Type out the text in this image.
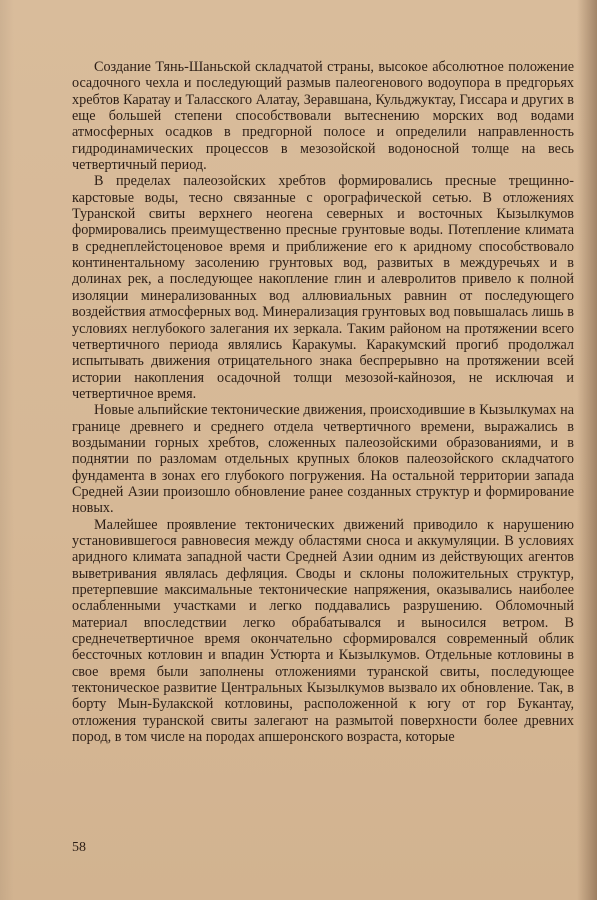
Создание Тянь-Шаньской складчатой страны, высокое абсолютное положение осадочного чехла и последующий размыв палеогенового водоупора в предгорьях хребтов Каратау и Таласского Алатау, Зеравшана, Кульджуктау, Гиссара и других в еще большей степени способствовали вытеснению морских вод водами атмосферных осадков в предгорной полосе и определили направленность гидродинамических процессов в мезозойской водоносной толще на весь четвертичный период.

В пределах палеозойских хребтов формировались пресные трещинно-карстовые воды, тесно связанные с орографической сетью. В отложениях Туранской свиты верхнего неогена северных и восточных Кызылкумов формировались преимущественно пресные грунтовые воды. Потепление климата в среднеплейстоценовое время и приближение его к аридному способствовало континентальному засолению грунтовых вод, развитых в междуречьях и в долинах рек, а последующее накопление глин и алевролитов привело к полной изоляции минерализованных вод аллювиальных равнин от последующего воздействия атмосферных вод. Минерализация грунтовых вод повышалась лишь в условиях неглубокого залегания их зеркала. Таким районом на протяжении всего четвертичного периода являлись Каракумы. Каракумский прогиб продолжал испытывать движения отрицательного знака беспрерывно на протяжении всей истории накопления осадочной толщи мезозой-кайнозоя, не исключая и четвертичное время.

Новые альпийские тектонические движения, происходившие в Кызылкумах на границе древнего и среднего отдела четвертичного времени, выражались в воздымании горных хребтов, сложенных палеозойскими образованиями, и в поднятии по разломам отдельных крупных блоков палеозойского складчатого фундамента в зонах его глубокого погружения. На остальной территории запада Средней Азии произошло обновление ранее созданных структур и формирование новых.

Малейшее проявление тектонических движений приводило к нарушению установившегося равновесия между областями сноса и аккумуляции. В условиях аридного климата западной части Средней Азии одним из действующих агентов выветривания являлась дефляция. Своды и склоны положительных структур, претерпевшие максимальные тектонические напряжения, оказывались наиболее ослабленными участками и легко поддавались разрушению. Обломочный материал впоследствии легко обрабатывался и выносился ветром. В среднечетвертичное время окончательно сформировался современный облик бессточных котловин и впадин Устюрта и Кызылкумов. Отдельные котловины в свое время были заполнены отложениями туранской свиты, последующее тектоническое развитие Центральных Кызылкумов вызвало их обновление. Так, в борту Мын-Булакской котловины, расположенной к югу от гор Букантау, отложения туранской свиты залегают на размытой поверхности более древних пород, в том числе на породах апшеронского возраста, которые

58
